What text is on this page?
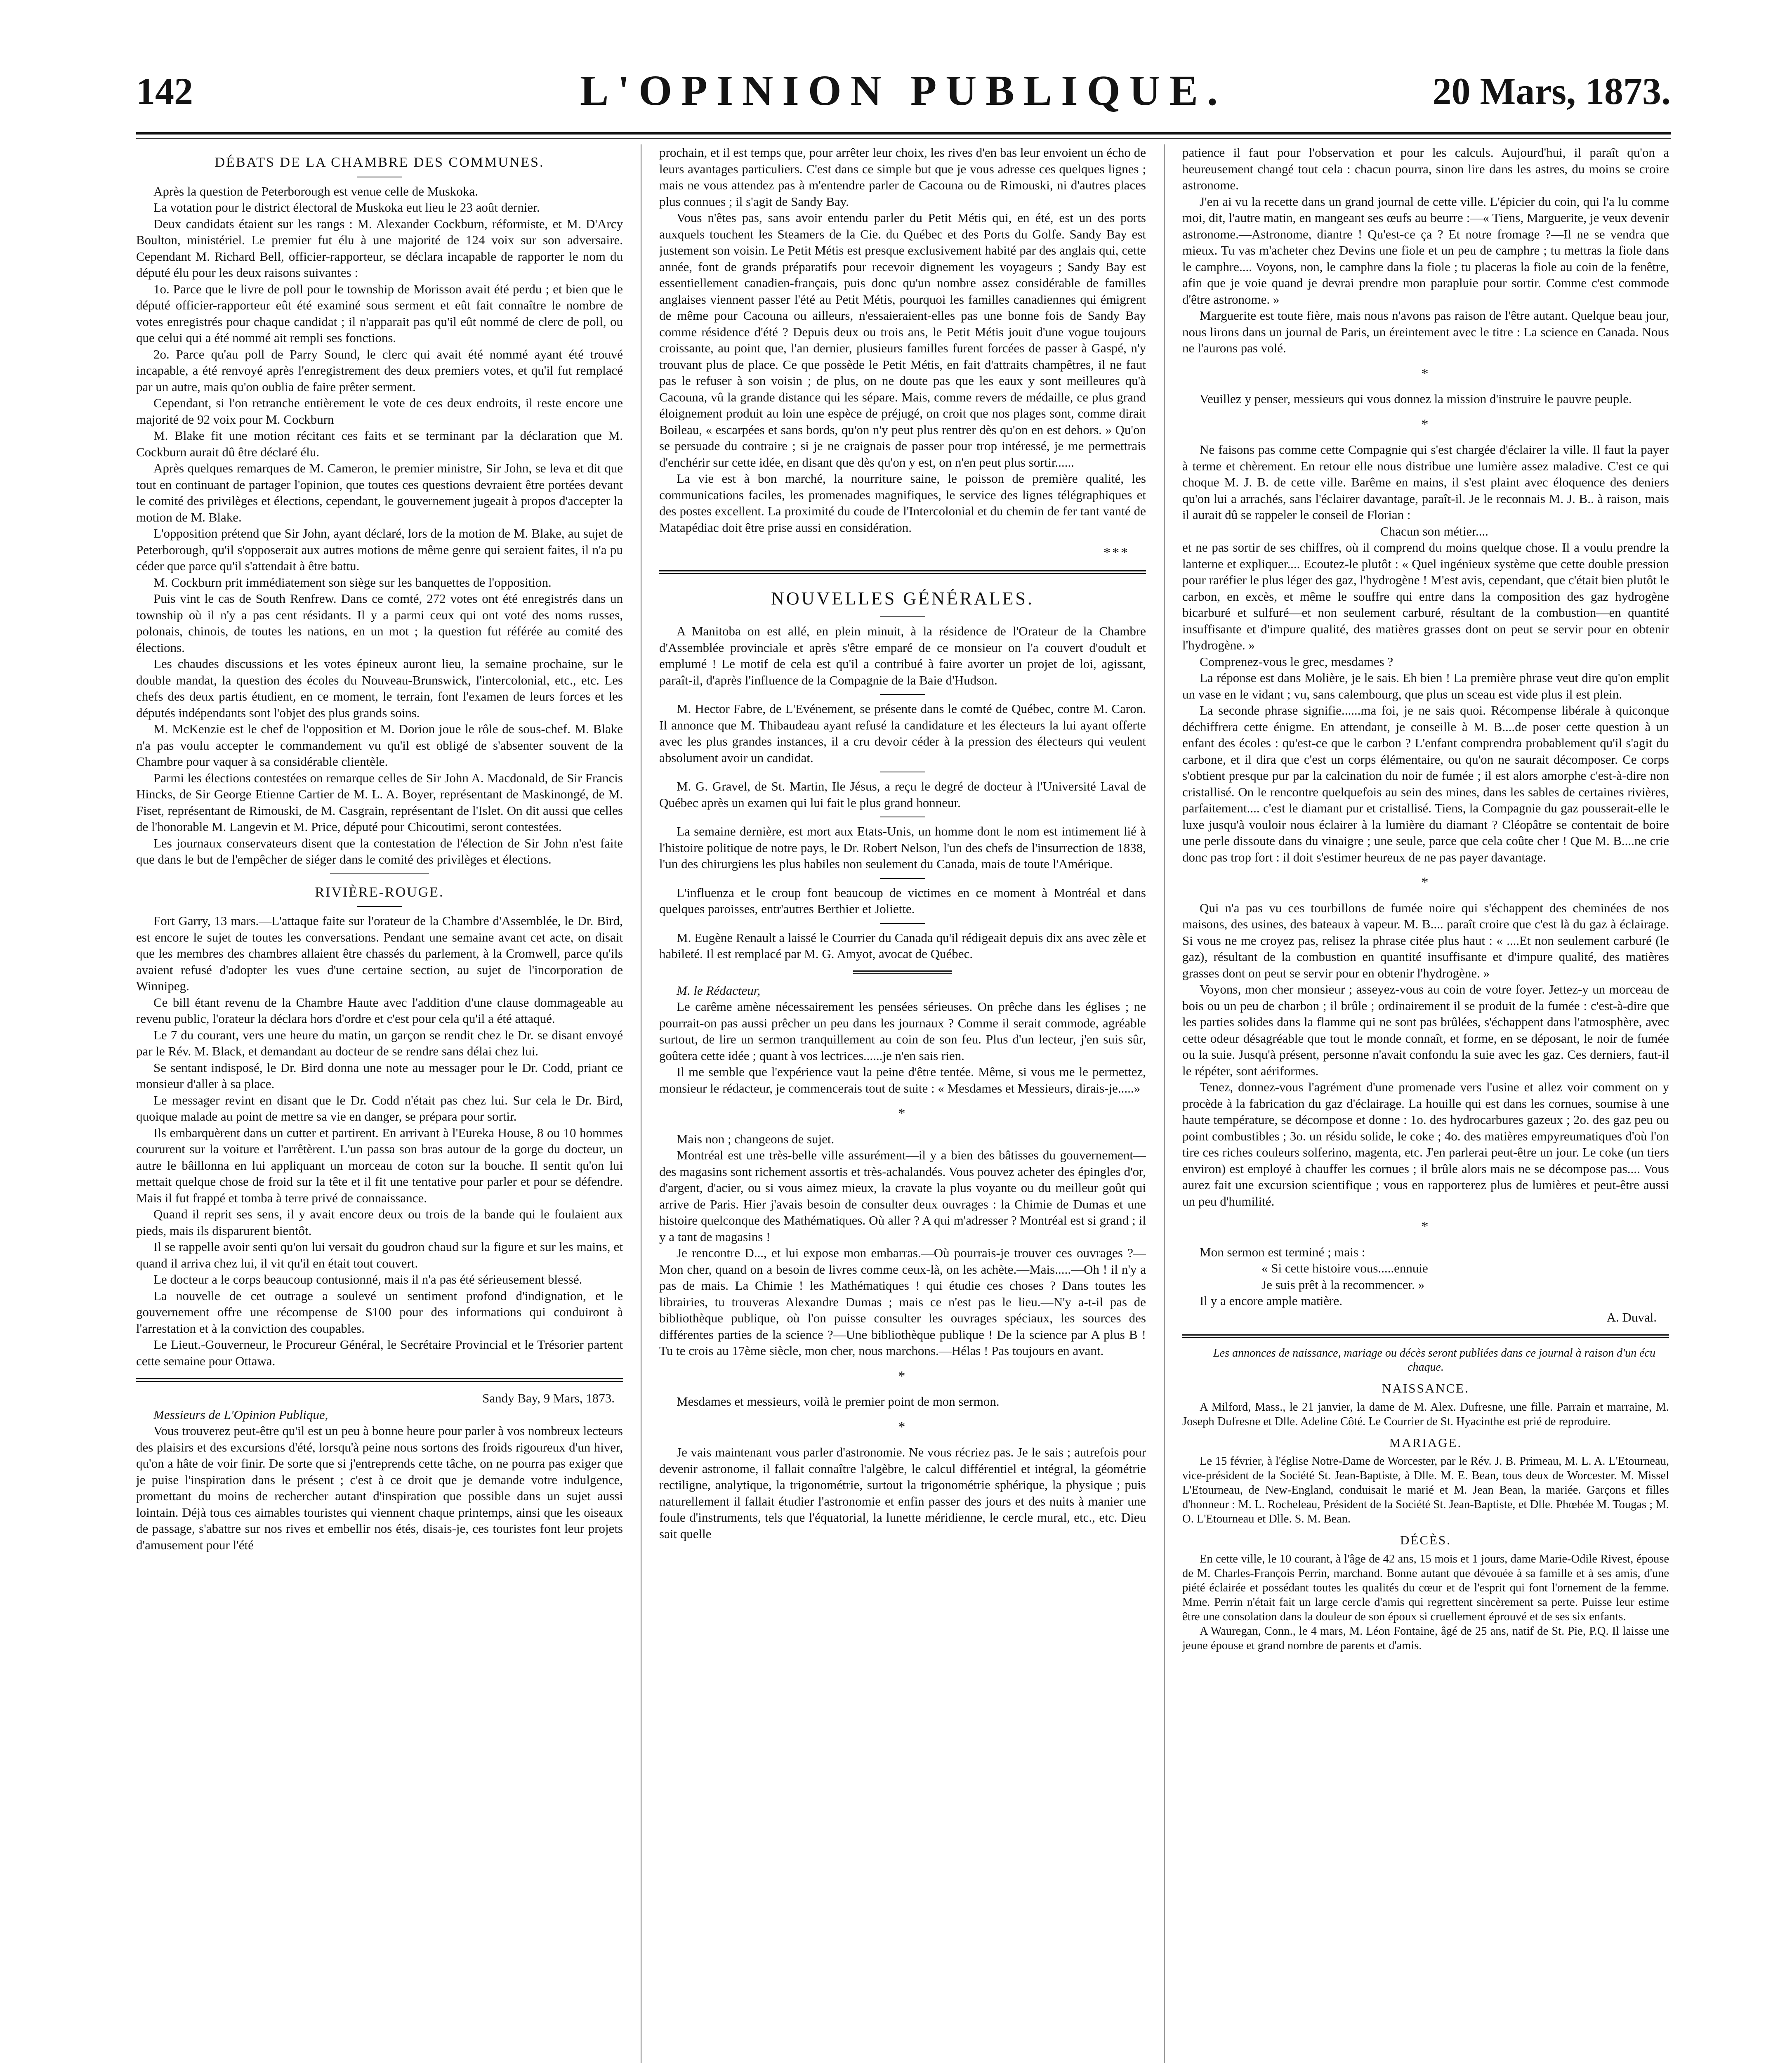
142	L'OPINION PUBLIQUE.	20 Mars, 1873.
DÉBATS DE LA CHAMBRE DES COMMUNES.

Après la question de Peterborough est venue celle de Muskoka.

La votation pour le district électoral de Muskoka eut lieu le 23 août dernier.

Deux candidats étaient sur les rangs : M. Alexander Cockburn, réformiste, et M. D'Arcy Boulton, ministériel. Le premier fut élu à une majorité de 124 voix sur son adversaire. Cependant M. Richard Bell, officier-rapporteur, se déclara incapable de rapporter le nom du député élu pour les deux raisons suivantes :

1o. Parce que le livre de poll pour le township de Morisson avait été perdu ; et bien que le député officier-rapporteur eût été examiné sous serment et eût fait connaître le nombre de votes enregistrés pour chaque candidat ; il n'apparait pas qu'il eût nommé de clerc de poll, ou que celui qui a été nommé ait rempli ses fonctions.

2o. Parce qu'au poll de Parry Sound, le clerc qui avait été nommé ayant été trouvé incapable, a été renvoyé après l'enregistrement des deux premiers votes, et qu'il fut remplacé par un autre, mais qu'on oublia de faire prêter serment.

Cependant, si l'on retranche entièrement le vote de ces deux endroits, il reste encore une majorité de 92 voix pour M. Cockburn

M. Blake fit une motion récitant ces faits et se terminant par la déclaration que M. Cockburn aurait dû être déclaré élu.

Après quelques remarques de M. Cameron, le premier ministre, Sir John, se leva et dit que tout en continuant de partager l'opinion, que toutes ces questions devraient être portées devant le comité des privilèges et élections, cependant, le gouvernement jugeait à propos d'accepter la motion de M. Blake.

L'opposition prétend que Sir John, ayant déclaré, lors de la motion de M. Blake, au sujet de Peterborough, qu'il s'opposerait aux autres motions de même genre qui seraient faites, il n'a pu céder que parce qu'il s'attendait à être battu.

M. Cockburn prit immédiatement son siège sur les banquettes de l'opposition.

Puis vint le cas de South Renfrew. Dans ce comté, 272 votes ont été enregistrés dans un township où il n'y a pas cent résidants. Il y a parmi ceux qui ont voté des noms russes, polonais, chinois, de toutes les nations, en un mot ; la question fut référée au comité des élections.

Les chaudes discussions et les votes épineux auront lieu, la semaine prochaine, sur le double mandat, la question des écoles du Nouveau-Brunswick, l'intercolonial, etc., etc. Les chefs des deux partis étudient, en ce moment, le terrain, font l'examen de leurs forces et les députés indépendants sont l'objet des plus grands soins.

M. McKenzie est le chef de l'opposition et M. Dorion joue le rôle de sous-chef. M. Blake n'a pas voulu accepter le commandement vu qu'il est obligé de s'absenter souvent de la Chambre pour vaquer à sa considérable clientèle.

Parmi les élections contestées on remarque celles de Sir John A. Macdonald, de Sir Francis Hincks, de Sir George Etienne Cartier de M. L. A. Boyer, représentant de Maskinongé, de M. Fiset, représentant de Rimouski, de M. Casgrain, représentant de l'Islet. On dit aussi que celles de l'honorable M. Langevin et M. Price, député pour Chicoutimi, seront contestées.

Les journaux conservateurs disent que la contestation de l'élection de Sir John n'est faite que dans le but de l'empêcher de siéger dans le comité des privilèges et élections.

RIVIÈRE-ROUGE.

Fort Garry, 13 mars.—L'attaque faite sur l'orateur de la Chambre d'Assemblée, le Dr. Bird, est encore le sujet de toutes les conversations. Pendant une semaine avant cet acte, on disait que les membres des chambres allaient être chassés du parlement, à la Cromwell, parce qu'ils avaient refusé d'adopter les vues d'une certaine section, au sujet de l'incorporation de Winnipeg.

Ce bill étant revenu de la Chambre Haute avec l'addition d'une clause dommageable au revenu public, l'orateur la déclara hors d'ordre et c'est pour cela qu'il a été attaqué.

Le 7 du courant, vers une heure du matin, un garçon se rendit chez le Dr. se disant envoyé par le Rév. M. Black, et demandant au docteur de se rendre sans délai chez lui.

Se sentant indisposé, le Dr. Bird donna une note au messager pour le Dr. Codd, priant ce monsieur d'aller à sa place.

Le messager revint en disant que le Dr. Codd n'était pas chez lui. Sur cela le Dr. Bird, quoique malade au point de mettre sa vie en danger, se prépara pour sortir.

Ils embarquèrent dans un cutter et partirent. En arrivant à l'Eureka House, 8 ou 10 hommes coururent sur la voiture et l'arrêtèrent. L'un passa son bras autour de la gorge du docteur, un autre le bâillonna en lui appliquant un morceau de coton sur la bouche. Il sentit qu'on lui mettait quelque chose de froid sur la tête et il fit une tentative pour parler et pour se défendre. Mais il fut frappé et tomba à terre privé de connaissance.

Quand il reprit ses sens, il y avait encore deux ou trois de la bande qui le foulaient aux pieds, mais ils disparurent bientôt.

Il se rappelle avoir senti qu'on lui versait du goudron chaud sur la figure et sur les mains, et quand il arriva chez lui, il vit qu'il en était tout couvert.

Le docteur a le corps beaucoup contusionné, mais il n'a pas été sérieusement blessé.

La nouvelle de cet outrage a soulevé un sentiment profond d'indignation, et le gouvernement offre une récompense de $100 pour des informations qui conduiront à l'arrestation et à la conviction des coupables.

Le Lieut.-Gouverneur, le Procureur Général, le Secrétaire Provincial et le Trésorier partent cette semaine pour Ottawa.

Sandy Bay, 9 Mars, 1873.

Messieurs de L'Opinion Publique,

Vous trouverez peut-être qu'il est un peu à bonne heure pour parler à vos nombreux lecteurs des plaisirs et des excursions d'été, lorsqu'à peine nous sortons des froids rigoureux d'un hiver, qu'on a hâte de voir finir. De sorte que si j'entreprends cette tâche, on ne pourra pas exiger que je puise l'inspiration dans le présent ; c'est à ce droit que je demande votre indulgence, promettant du moins de rechercher autant d'inspiration que possible dans un sujet aussi lointain. Déjà tous ces aimables touristes qui viennent chaque printemps, ainsi que les oiseaux de passage, s'abattre sur nos rives et embellir nos étés, disais-je, ces touristes font leur projets d'amusement pour l'été

prochain, et il est temps que, pour arrêter leur choix, les rives d'en bas leur envoient un écho de leurs avantages particuliers. C'est dans ce simple but que je vous adresse ces quelques lignes ; mais ne vous attendez pas à m'entendre parler de Cacouna ou de Rimouski, ni d'autres places plus connues ; il s'agit de Sandy Bay.

Vous n'êtes pas, sans avoir entendu parler du Petit Métis qui, en été, est un des ports auxquels touchent les Steamers de la Cie. du Québec et des Ports du Golfe. Sandy Bay est justement son voisin. Le Petit Métis est presque exclusivement habité par des anglais qui, cette année, font de grands préparatifs pour recevoir dignement les voyageurs ; Sandy Bay est essentiellement canadien-français, puis donc qu'un nombre assez considérable de familles anglaises viennent passer l'été au Petit Métis, pourquoi les familles canadiennes qui émigrent de même pour Cacouna ou ailleurs, n'essaieraient-elles pas une bonne fois de Sandy Bay comme résidence d'été ? Depuis deux ou trois ans, le Petit Métis jouit d'une vogue toujours croissante, au point que, l'an dernier, plusieurs familles furent forcées de passer à Gaspé, n'y trouvant plus de place. Ce que possède le Petit Métis, en fait d'attraits champêtres, il ne faut pas le refuser à son voisin ; de plus, on ne doute pas que les eaux y sont meilleures qu'à Cacouna, vû la grande distance qui les sépare. Mais, comme revers de médaille, ce plus grand éloignement produit au loin une espèce de préjugé, on croit que nos plages sont, comme dirait Boileau, « escarpées et sans bords, qu'on n'y peut plus rentrer dès qu'on en est dehors. » Qu'on se persuade du contraire ; si je ne craignais de passer pour trop intéressé, je me permettrais d'enchérir sur cette idée, en disant que dès qu'on y est, on n'en peut plus sortir......

La vie est à bon marché, la nourriture saine, le poisson de première qualité, les communications faciles, les promenades magnifiques, le service des lignes télégraphiques et des postes excellent. La proximité du coude de l'Intercolonial et du chemin de fer tant vanté de Matapédiac doit être prise aussi en considération.

***
NOUVELLES GÉNÉRALES.

A Manitoba on est allé, en plein minuit, à la résidence de l'Orateur de la Chambre d'Assemblée provinciale et après s'être emparé de ce monsieur on l'a couvert d'oudult et emplumé ! Le motif de cela est qu'il a contribué à faire avorter un projet de loi, agissant, paraît-il, d'après l'influence de la Compagnie de la Baie d'Hudson.

M. Hector Fabre, de L'Evénement, se présente dans le comté de Québec, contre M. Caron. Il annonce que M. Thibaudeau ayant refusé la candidature et les électeurs la lui ayant offerte avec les plus grandes instances, il a cru devoir céder à la pression des électeurs qui veulent absolument avoir un candidat.

M. G. Gravel, de St. Martin, Ile Jésus, a reçu le degré de docteur à l'Université Laval de Québec après un examen qui lui fait le plus grand honneur.

La semaine dernière, est mort aux Etats-Unis, un homme dont le nom est intimement lié à l'histoire politique de notre pays, le Dr. Robert Nelson, l'un des chefs de l'insurrection de 1838, l'un des chirurgiens les plus habiles non seulement du Canada, mais de toute l'Amérique.

L'influenza et le croup font beaucoup de victimes en ce moment à Montréal et dans quelques paroisses, entr'autres Berthier et Joliette.

M. Eugène Renault a laissé le Courrier du Canada qu'il rédigeait depuis dix ans avec zèle et habileté. Il est remplacé par M. G. Amyot, avocat de Québec.

M. le Rédacteur,

Le carême amène nécessairement les pensées sérieuses. On prêche dans les églises ; ne pourrait-on pas aussi prêcher un peu dans les journaux ? Comme il serait commode, agréable surtout, de lire un sermon tranquillement au coin de son feu. Plus d'un lecteur, j'en suis sûr, goûtera cette idée ; quant à vos lectrices......je n'en sais rien.

Il me semble que l'expérience vaut la peine d'être tentée. Même, si vous me le permettez, monsieur le rédacteur, je commencerais tout de suite : « Mesdames et Messieurs, dirais-je.....»

*

Mais non ; changeons de sujet.

Montréal est une très-belle ville assurément—il y a bien des bâtisses du gouvernement—des magasins sont richement assortis et très-achalandés. Vous pouvez acheter des épingles d'or, d'argent, d'acier, ou si vous aimez mieux, la cravate la plus voyante ou du meilleur goût qui arrive de Paris. Hier j'avais besoin de consulter deux ouvrages : la Chimie de Dumas et une histoire quelconque des Mathématiques. Où aller ? A qui m'adresser ? Montréal est si grand ; il y a tant de magasins !

Je rencontre D..., et lui expose mon embarras.—Où pourrais-je trouver ces ouvrages ?—Mon cher, quand on a besoin de livres comme ceux-là, on les achète.—Mais.....—Oh ! il n'y a pas de mais. La Chimie ! les Mathématiques ! qui étudie ces choses ? Dans toutes les librairies, tu trouveras Alexandre Dumas ; mais ce n'est pas le lieu.—N'y a-t-il pas de bibliothèque publique, où l'on puisse consulter les ouvrages spéciaux, les sources des différentes parties de la science ?—Une bibliothèque publique ! De la science par A plus B ! Tu te crois au 17ème siècle, mon cher, nous marchons.—Hélas ! Pas toujours en avant.

*

Mesdames et messieurs, voilà le premier point de mon sermon.

*

Je vais maintenant vous parler d'astronomie. Ne vous récriez pas. Je le sais ; autrefois pour devenir astronome, il fallait connaître l'algèbre, le calcul différentiel et intégral, la géométrie rectiligne, analytique, la trigonométrie, surtout la trigonométrie sphérique, la physique ; puis naturellement il fallait étudier l'astronomie et enfin passer des jours et des nuits à manier une foule d'instruments, tels que l'équatorial, la lunette méridienne, le cercle mural, etc., etc. Dieu sait quelle

patience il faut pour l'observation et pour les calculs. Aujourd'hui, il paraît qu'on a heureusement changé tout cela : chacun pourra, sinon lire dans les astres, du moins se croire astronome.

J'en ai vu la recette dans un grand journal de cette ville. L'épicier du coin, qui l'a lu comme moi, dit, l'autre matin, en mangeant ses œufs au beurre :—« Tiens, Marguerite, je veux devenir astronome.—Astronome, diantre ! Qu'est-ce ça ? Et notre fromage ?—Il ne se vendra que mieux. Tu vas m'acheter chez Devins une fiole et un peu de camphre ; tu mettras la fiole dans le camphre.... Voyons, non, le camphre dans la fiole ; tu placeras la fiole au coin de la fenêtre, afin que je voie quand je devrai prendre mon parapluie pour sortir. Comme c'est commode d'être astronome. »

Marguerite est toute fière, mais nous n'avons pas raison de l'être autant. Quelque beau jour, nous lirons dans un journal de Paris, un éreintement avec le titre : La science en Canada. Nous ne l'aurons pas volé.

*

Veuillez y penser, messieurs qui vous donnez la mission d'instruire le pauvre peuple.

*

Ne faisons pas comme cette Compagnie qui s'est chargée d'éclairer la ville. Il faut la payer à terme et chèrement. En retour elle nous distribue une lumière assez maladive. C'est ce qui choque M. J. B. de cette ville. Barême en mains, il s'est plaint avec éloquence des deniers qu'on lui a arrachés, sans l'éclairer davantage, paraît-il. Je le reconnais M. J. B.. à raison, mais il aurait dû se rappeler le conseil de Florian :

Chacun son métier....

et ne pas sortir de ses chiffres, où il comprend du moins quelque chose. Il a voulu prendre la lanterne et expliquer.... Ecoutez-le plutôt : « Quel ingénieux système que cette double pression pour raréfier le plus léger des gaz, l'hydrogène ! M'est avis, cependant, que c'était bien plutôt le carbon, en excès, et même le souffre qui entre dans la composition des gaz hydrogène bicarburé et sulfuré—et non seulement carburé, résultant de la combustion—en quantité insuffisante et d'impure qualité, des matières grasses dont on peut se servir pour en obtenir l'hydrogène. »

Comprenez-vous le grec, mesdames ?

La réponse est dans Molière, je le sais. Eh bien ! La première phrase veut dire qu'on emplit un vase en le vidant ; vu, sans calembourg, que plus un sceau est vide plus il est plein.

La seconde phrase signifie......ma foi, je ne sais quoi. Récompense libérale à quiconque déchiffrera cette énigme. En attendant, je conseille à M. B....de poser cette question à un enfant des écoles : qu'est-ce que le carbon ? L'enfant comprendra probablement qu'il s'agit du carbone, et il dira que c'est un corps élémentaire, ou qu'on ne saurait décomposer. Ce corps s'obtient presque pur par la calcination du noir de fumée ; il est alors amorphe c'est-à-dire non cristallisé. On le rencontre quelquefois au sein des mines, dans les sables de certaines rivières, parfaitement.... c'est le diamant pur et cristallisé. Tiens, la Compagnie du gaz pousserait-elle le luxe jusqu'à vouloir nous éclairer à la lumière du diamant ? Cléopâtre se contentait de boire une perle dissoute dans du vinaigre ; une seule, parce que cela coûte cher ! Que M. B....ne crie donc pas trop fort : il doit s'estimer heureux de ne pas payer davantage.

*

Qui n'a pas vu ces tourbillons de fumée noire qui s'échappent des cheminées de nos maisons, des usines, des bateaux à vapeur. M. B.... paraît croire que c'est là du gaz à éclairage. Si vous ne me croyez pas, relisez la phrase citée plus haut : « ....Et non seulement carburé (le gaz), résultant de la combustion en quantité insuffisante et d'impure qualité, des matières grasses dont on peut se servir pour en obtenir l'hydrogène. »

Voyons, mon cher monsieur ; asseyez-vous au coin de votre foyer. Jettez-y un morceau de bois ou un peu de charbon ; il brûle ; ordinairement il se produit de la fumée : c'est-à-dire que les parties solides dans la flamme qui ne sont pas brûlées, s'échappent dans l'atmosphère, avec cette odeur désagréable que tout le monde connaît, et forme, en se déposant, le noir de fumée ou la suie. Jusqu'à présent, personne n'avait confondu la suie avec les gaz. Ces derniers, faut-il le répéter, sont aériformes.

Tenez, donnez-vous l'agrément d'une promenade vers l'usine et allez voir comment on y procède à la fabrication du gaz d'éclairage. La houille qui est dans les cornues, soumise à une haute température, se décompose et donne : 1o. des hydrocarbures gazeux ; 2o. des gaz peu ou point combustibles ; 3o. un résidu solide, le coke ; 4o. des matières empyreumatiques d'où l'on tire ces riches couleurs solferino, magenta, etc. J'en parlerai peut-être un jour. Le coke (un tiers environ) est employé à chauffer les cornues ; il brûle alors mais ne se décompose pas.... Vous aurez fait une excursion scientifique ; vous en rapporterez plus de lumières et peut-être aussi un peu d'humilité.

*

Mon sermon est terminé ; mais :

« Si cette histoire vous.....ennuie

Je suis prêt à la recommencer. »

Il y a encore ample matière.

A. Duval.

Les annonces de naissance, mariage ou décès seront publiées dans ce journal à raison d'un écu chaque.

NAISSANCE.

A Milford, Mass., le 21 janvier, la dame de M. Alex. Dufresne, une fille. Parrain et marraine, M. Joseph Dufresne et Dlle. Adeline Côté. Le Courrier de St. Hyacinthe est prié de reproduire.

MARIAGE.

Le 15 février, à l'église Notre-Dame de Worcester, par le Rév. J. B. Primeau, M. L. A. L'Etourneau, vice-président de la Société St. Jean-Baptiste, à Dlle. M. E. Bean, tous deux de Worcester. M. Missel L'Etourneau, de New-England, conduisait le marié et M. Jean Bean, la mariée. Garçons et filles d'honneur : M. L. Rocheleau, Président de la Société St. Jean-Baptiste, et Dlle. Phœbée M. Tougas ; M. O. L'Etourneau et Dlle. S. M. Bean.

DÉCÈS.

En cette ville, le 10 courant, à l'âge de 42 ans, 15 mois et 1 jours, dame Marie-Odile Rivest, épouse de M. Charles-François Perrin, marchand. Bonne autant que dévouée à sa famille et à ses amis, d'une piété éclairée et possédant toutes les qualités du cœur et de l'esprit qui font l'ornement de la femme. Mme. Perrin n'était fait un large cercle d'amis qui regrettent sincèrement sa perte. Puisse leur estime être une consolation dans la douleur de son époux si cruellement éprouvé et de ses six enfants.

A Wauregan, Conn., le 4 mars, M. Léon Fontaine, âgé de 25 ans, natif de St. Pie, P.Q. Il laisse une jeune épouse et grand nombre de parents et d'amis.
